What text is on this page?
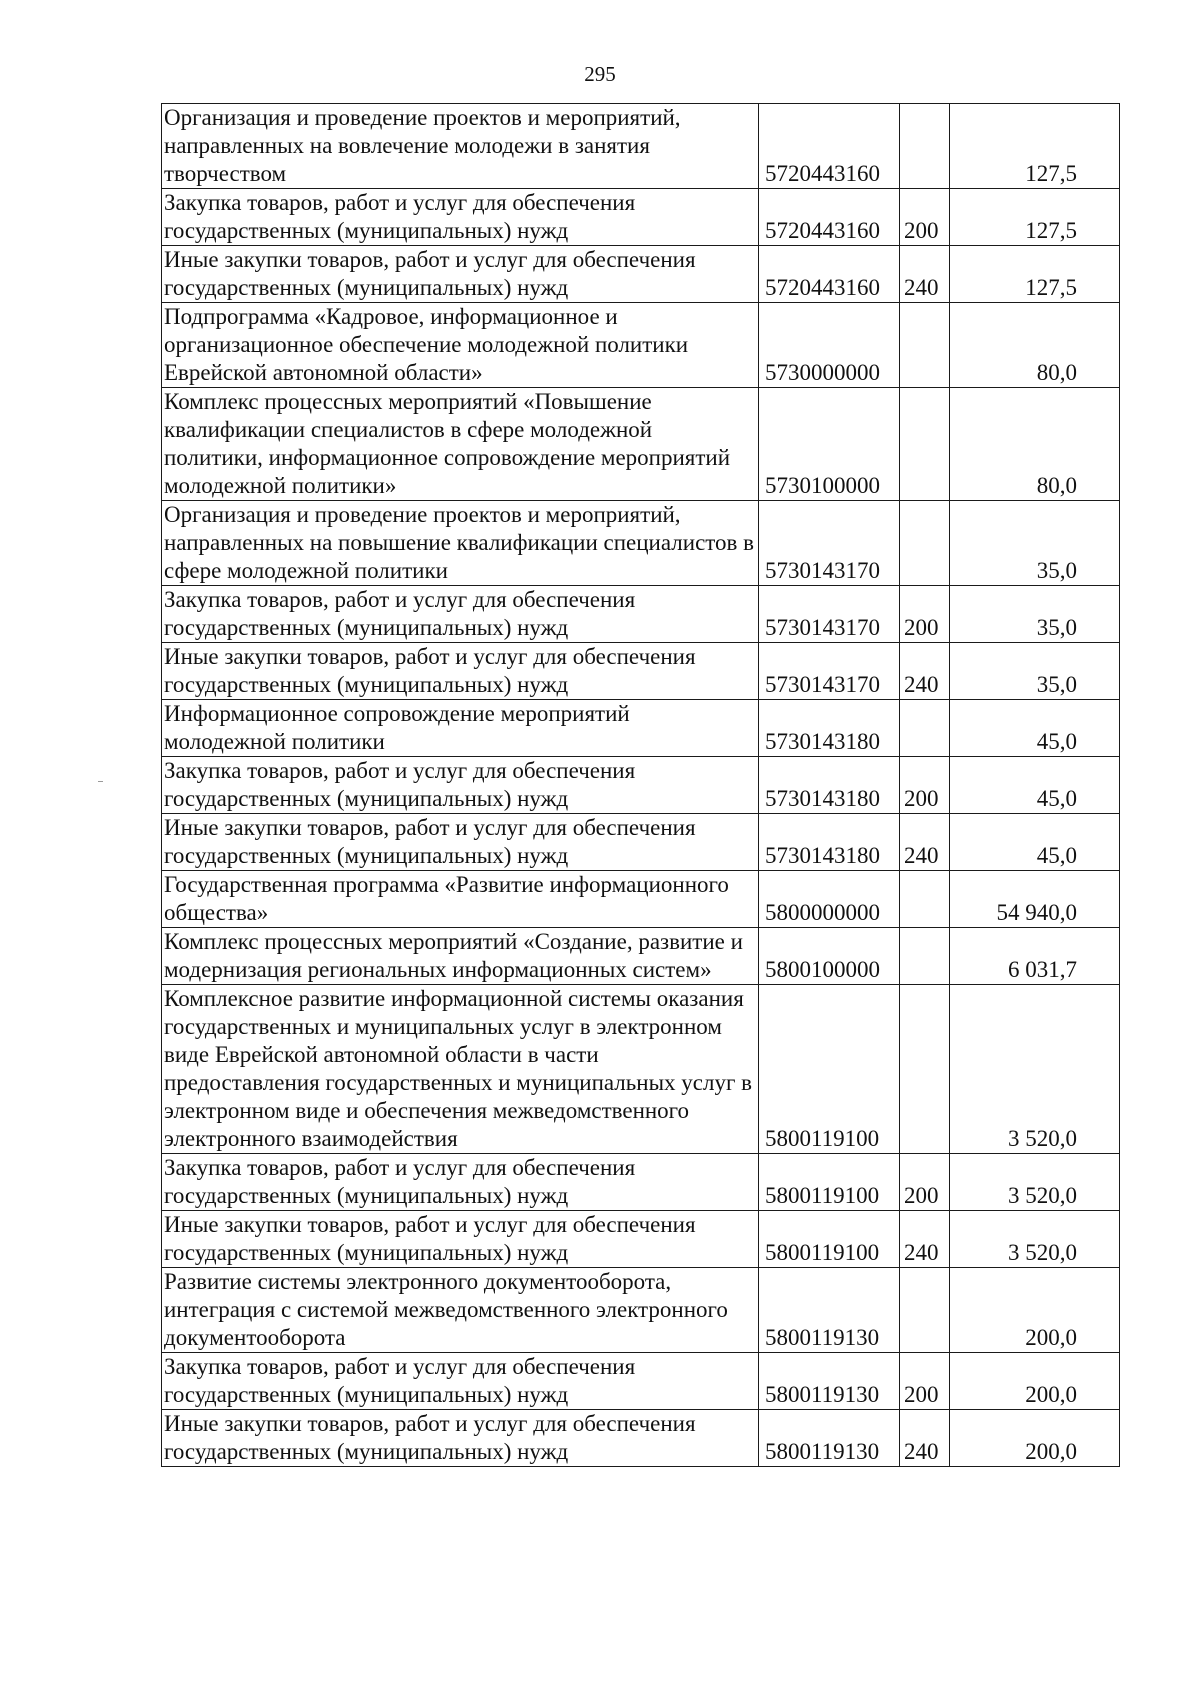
295
Организация и проведение проектов и мероприятий, направленных на вовлечение молодежи в занятия творчеством	5720443160		127,5
Закупка товаров, работ и услуг для обеспечения государственных (муниципальных) нужд	5720443160	200	127,5
Иные закупки товаров, работ и услуг для обеспечения государственных (муниципальных) нужд	5720443160	240	127,5
Подпрограмма «Кадровое, информационное и организационное обеспечение молодежной политики Еврейской автономной области»	5730000000		80,0
Комплекс процессных мероприятий «Повышение квалификации специалистов в сфере молодежной политики, информационное сопровождение мероприятий молодежной политики»	5730100000		80,0
Организация и проведение проектов и мероприятий, направленных на повышение квалификации специалистов в сфере молодежной политики	5730143170		35,0
Закупка товаров, работ и услуг для обеспечения государственных (муниципальных) нужд	5730143170	200	35,0
Иные закупки товаров, работ и услуг для обеспечения государственных (муниципальных) нужд	5730143170	240	35,0
Информационное сопровождение мероприятий молодежной политики	5730143180		45,0
Закупка товаров, работ и услуг для обеспечения государственных (муниципальных) нужд	5730143180	200	45,0
Иные закупки товаров, работ и услуг для обеспечения государственных (муниципальных) нужд	5730143180	240	45,0
Государственная программа «Развитие информационного общества»	5800000000		54 940,0
Комплекс процессных мероприятий «Создание, развитие и модернизация региональных информационных систем»	5800100000		6 031,7
Комплексное развитие информационной системы оказания государственных и муниципальных услуг в электронном виде Еврейской автономной области в части предоставления государственных и муниципальных услуг в электронном виде и обеспечения межведомственного электронного взаимодействия	5800119100		3 520,0
Закупка товаров, работ и услуг для обеспечения государственных (муниципальных) нужд	5800119100	200	3 520,0
Иные закупки товаров, работ и услуг для обеспечения государственных (муниципальных) нужд	5800119100	240	3 520,0
Развитие системы электронного документооборота, интеграция с системой межведомственного электронного документооборота	5800119130		200,0
Закупка товаров, работ и услуг для обеспечения государственных (муниципальных) нужд	5800119130	200	200,0
Иные закупки товаров, работ и услуг для обеспечения государственных (муниципальных) нужд	5800119130	240	200,0
